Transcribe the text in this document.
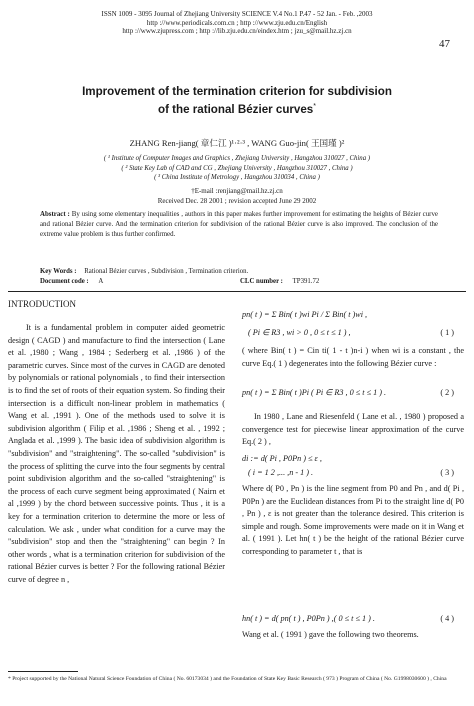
ISSN 1009 - 3095 Journal of Zhejiang University SCIENCE V.4 No.1 P.47 - 52 Jan. - Feb. ,2003
http ://www.periodicals.com.cn ; http ://www.zju.edu.cn/English
http ://www.zjupress.com ; http ://lib.zju.edu.cn/eindex.htm ; jzu_s@mail.hz.zj.cn
47
Improvement of the termination criterion for subdivision
of the rational Bézier curves*
ZHANG Ren-jiang( 章仁江 )¹·²·³ , WANG Guo-jin( 王国瑾 )²
( ¹ Institute of Computer Images and Graphics , Zhejiang University , Hangzhou 310027 , China )
( ² State Key Lab of CAD and CG , Zhejiang University , Hangzhou 310027 , China )
( ³ China Institute of Metrology , Hangzhou 310034 , China )
†E-mail :renjiang@mail.hz.zj.cn
Received Dec. 28 2001 ; revision accepted June 29 2002
Abstract : By using some elementary inequalities , authors in this paper makes further improvement for estimating the heights of Bézier curve and rational Bézier curve. And the termination criterion for subdivision of the rational Bézier curve is also improved. The conclusion of the extreme value problem is thus further confirmed.
Key Words : Rational Bézier curves , Subdivision , Termination criterion.
Document code : A	CLC number : TP391.72
INTRODUCTION
It is a fundamental problem in computer aided geometric design ( CAGD ) and manufacture to find the intersection ( Lane et al. ,1980 ; Wang , 1984 ; Sederberg et al. ,1986 ) of the parametric curves. Since most of the curves in CAGD are denoted by polynomials or rational polynomials , to find their intersection is to find the set of roots of their equation system. So finding their intersection is a difficult non-linear problem in mathematics ( Wang et al. ,1991 ). One of the methods used to solve it is subdivision algorithm ( Filip et al. ,1986 ; Sheng et al. , 1992 ; Anglada et al. ,1999 ). The basic idea of subdivision algorithm is "subdivision" and "straightening". The so-called "subdivision" is the process of splitting the curve into the four segments by central point subdivision algorithm and the so-called "straightening" is the process of each curve segment being approximated ( Nairn et al ,1999 ) by the chord between successive points. Thus , it is a key for a termination criterion to determine the more or less of calculation. We ask , under what condition for a curve may the "subdivision" stop and then the "straightening" can begin ? In other words , what is a termination criterion for subdivision of the rational Bézier curves is better ? For the following rational Bézier curve of degree n ,
pn( t ) = Σ Bin( t )wi Pi / Σ Bin( t )wi ,
( Pi ∈ R3 , wi > 0 , 0 ≤ t ≤ 1 ) ,	( 1 )
( where Bin( t ) = Cin ti( 1 - t )n-i ) when wi is a constant , the curve Eq.( 1 ) degenerates into the following Bézier curve :
pn( t ) = Σ Bin( t )Pi ( Pi ∈ R3 , 0 ≤ t ≤ 1 ) .	( 2 )
In 1980 , Lane and Riesenfeld ( Lane et al. , 1980 ) proposed a convergence test for piecewise linear approximation of the curve Eq.( 2 ) ,
di := d( Pi , P0Pn ) ≤ ε ,
( i = 1 2 ,... ,n - 1 ) .	( 3 )
Where d( P0 , Pn ) is the line segment from P0 and Pn , and d( Pi , P0Pn ) are the Euclidean distances from Pi to the straight line d( P0 , Pn ) , ε is not greater than the tolerance desired. This criterion is simple and rough. Some improvements were made on it in Wang et al. ( 1991 ). Let hn( t ) be the height of the rational Bézier curve corresponding to parameter t , that is
hn( t ) = d( pn( t ) , P0Pn ) ,( 0 ≤ t ≤ 1 ) .	( 4 )
Wang et al. ( 1991 ) gave the following two theorems.
* Project supported by the National Natural Science Foundation of China ( No. 60173034 ) and the Foundation of State Key Basic Research ( 973 ) Program of China ( No. G1998030600 ) , China
